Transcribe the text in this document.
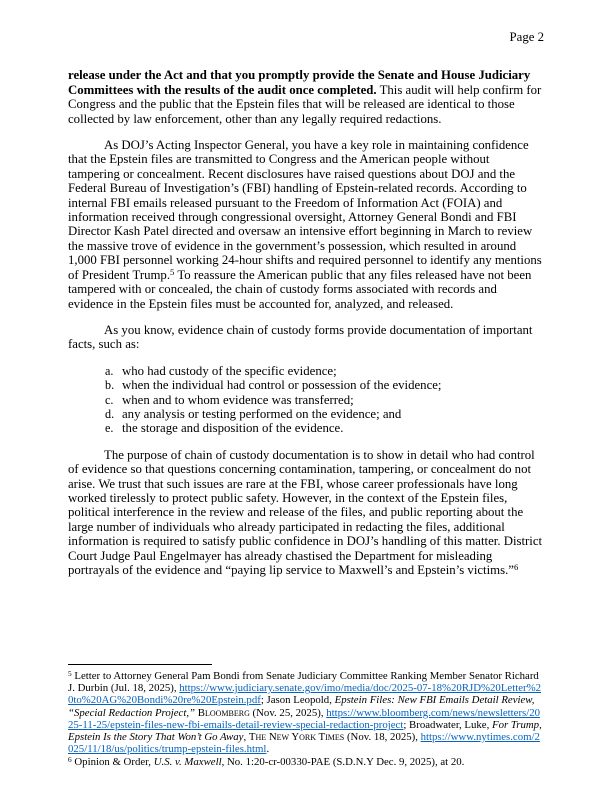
Page 2

release under the Act and that you promptly provide the Senate and House Judiciary Committees with the results of the audit once completed. This audit will help confirm for Congress and the public that the Epstein files that will be released are identical to those collected by law enforcement, other than any legally required redactions.

As DOJ’s Acting Inspector General, you have a key role in maintaining confidence that the Epstein files are transmitted to Congress and the American people without tampering or concealment. Recent disclosures have raised questions about DOJ and the Federal Bureau of Investigation’s (FBI) handling of Epstein-related records. According to internal FBI emails released pursuant to the Freedom of Information Act (FOIA) and information received through congressional oversight, Attorney General Bondi and FBI Director Kash Patel directed and oversaw an intensive effort beginning in March to review the massive trove of evidence in the government’s possession, which resulted in around 1,000 FBI personnel working 24-hour shifts and required personnel to identify any mentions of President Trump.$^5$ To reassure the American public that any files released have not been tampered with or concealed, the chain of custody forms associated with records and evidence in the Epstein files must be accounted for, analyzed, and released.

As you know, evidence chain of custody forms provide documentation of important facts, such as:

a. who had custody of the specific evidence;
b. when the individual had control or possession of the evidence;
c. when and to whom evidence was transferred;
d. any analysis or testing performed on the evidence; and
e. the storage and disposition of the evidence.

The purpose of chain of custody documentation is to show in detail who had control of evidence so that questions concerning contamination, tampering, or concealment do not arise. We trust that such issues are rare at the FBI, whose career professionals have long worked tirelessly to protect public safety. However, in the context of the Epstein files, political interference in the review and release of the files, and public reporting about the large number of individuals who already participated in redacting the files, additional information is required to satisfy public confidence in DOJ’s handling of this matter. District Court Judge Paul Engelmayer has already chastised the Department for misleading portrayals of the evidence and “paying lip service to Maxwell’s and Epstein’s victims.”$^6$

$^5$ Letter to Attorney General Pam Bondi from Senate Judiciary Committee Ranking Member Senator Richard J. Durbin (Jul. 18, 2025), https://www.judiciary.senate.gov/imo/media/doc/2025-07-18%20RJD%20Letter%20to%20AG%20Bondi%20re%20Epstein.pdf; Jason Leopold, Epstein Files: New FBI Emails Detail Review, “Special Redaction Project,” Bloomberg (Nov. 25, 2025), https://www.bloomberg.com/news/newsletters/2025-11-25/epstein-files-new-fbi-emails-detail-review-special-redaction-project; Broadwater, Luke, For Trump, Epstein Is the Story That Won’t Go Away, The New York Times (Nov. 18, 2025), https://www.nytimes.com/2025/11/18/us/politics/trump-epstein-files.html.

$^6$ Opinion & Order, U.S. v. Maxwell, No. 1:20-cr-00330-PAE (S.D.N.Y Dec. 9, 2025), at 20.
